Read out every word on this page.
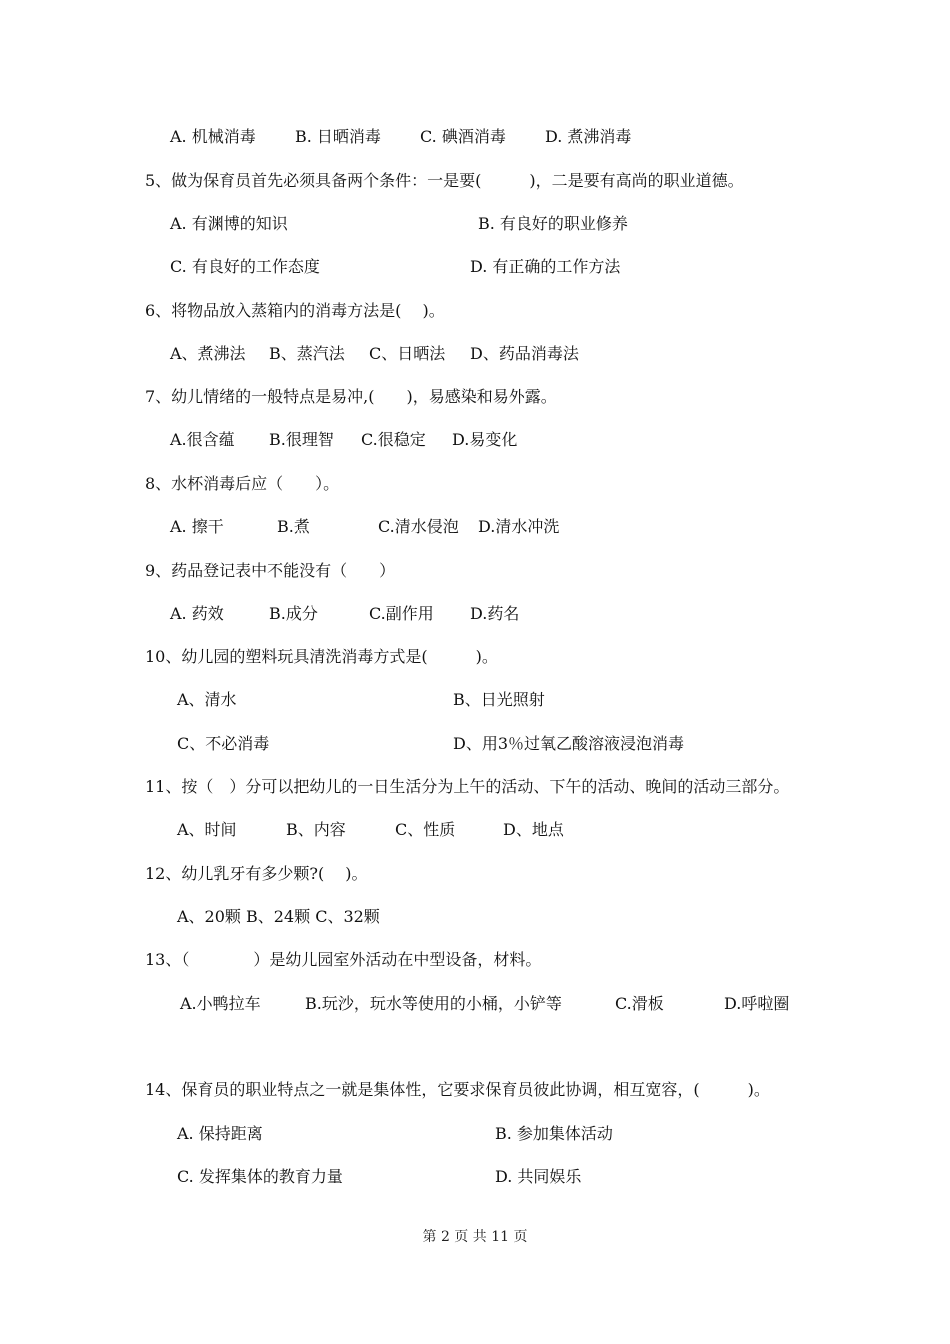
A. 机械消毒 B. 日晒消毒 C. 碘酒消毒 D. 煮沸消毒
5、做为保育员首先必须具备两个条件：一是要(　　　)，二是要有高尚的职业道德。
A. 有渊博的知识	B. 有良好的职业修养
C. 有良好的工作态度	D. 有正确的工作方法
6、将物品放入蒸箱内的消毒方法是(　 )。
A、煮沸法 B、蒸汽法 C、日晒法 D、药品消毒法
7、幼儿情绪的一般特点是易冲,(　　)，易感染和易外露。
A.很含蕴 B.很理智 C.很稳定 D.易变化
8、水杯消毒后应（　　）。
A. 擦干	B.煮	C.清水侵泡 D.清水冲洗
9、药品登记表中不能没有（　　）
A. 药效	B.成分	C.副作用 D.药名
10、幼儿园的塑料玩具清洗消毒方式是(　　　)。
A、清水	B、日光照射
C、不必消毒	D、用3％过氧乙酸溶液浸泡消毒
11、按（　）分可以把幼儿的一日生活分为上午的活动、下午的活动、晚间的活动三部分。
A、时间	B、内容	C、性质	D、地点
12、幼儿乳牙有多少颗?(　 )。
A、20颗 B、24颗 C、32颗
13、（　　　　）是幼儿园室外活动在中型设备，材料。
A.小鸭拉车	B.玩沙，玩水等使用的小桶，小铲等	C.滑板	D.呼啦圈
14、保育员的职业特点之一就是集体性，它要求保育员彼此协调，相互宽容，(　　　)。
A. 保持距离	B. 参加集体活动
C. 发挥集体的教育力量	D. 共同娱乐
第 2 页 共 11 页
